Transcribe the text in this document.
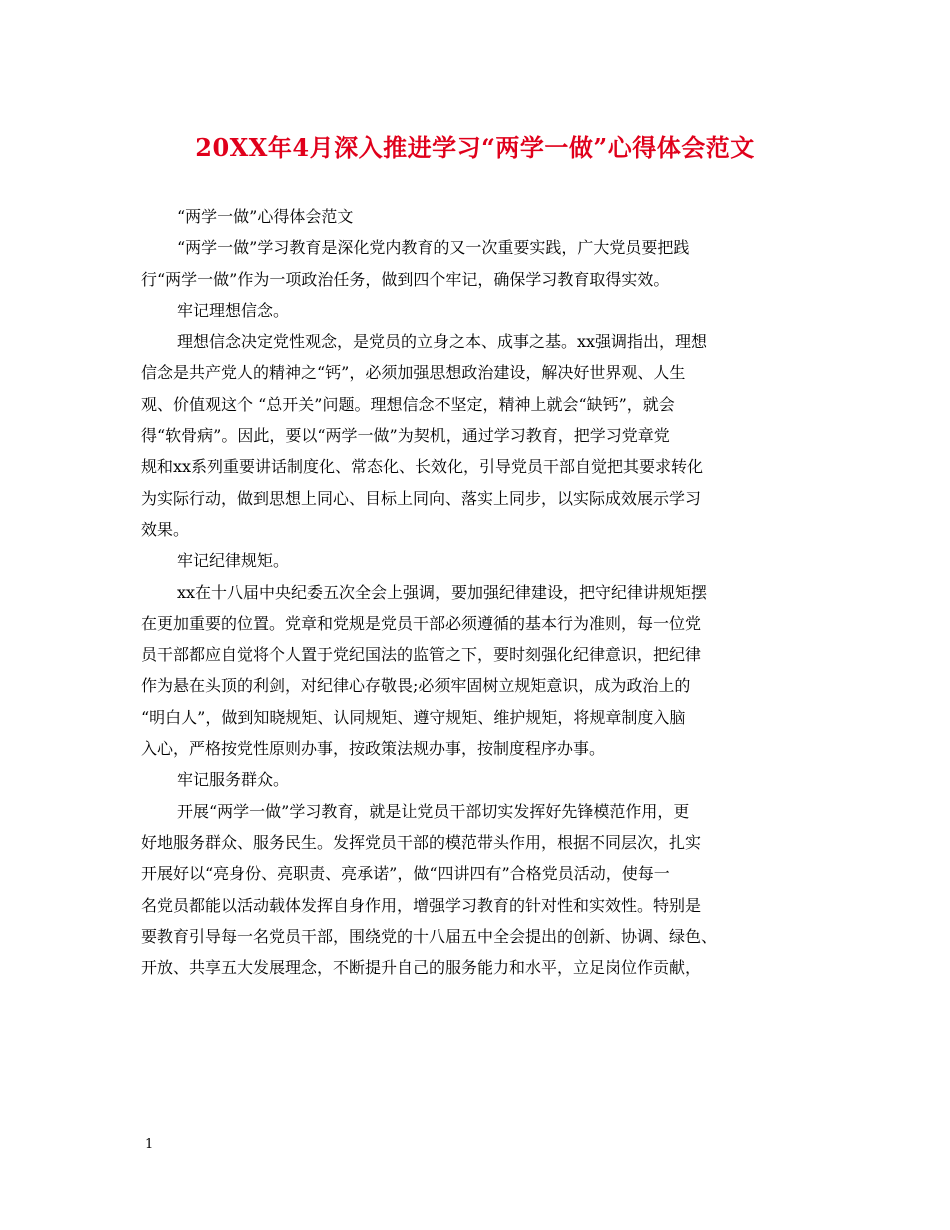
20XX年4月深入推进学习“两学一做”心得体会范文
“两学一做”心得体会范文
“两学一做”学习教育是深化党内教育的又一次重要实践，广大党员要把践
行“两学一做”作为一项政治任务，做到四个牢记，确保学习教育取得实效。
牢记理想信念。
理想信念决定党性观念，是党员的立身之本、成事之基。xx强调指出，理想
信念是共产党人的精神之“钙”，必须加强思想政治建设，解决好世界观、人生
观、价值观这个 “总开关”问题。理想信念不坚定，精神上就会“缺钙”，就会
得“软骨病”。因此，要以“两学一做”为契机，通过学习教育，把学习党章党
规和xx系列重要讲话制度化、常态化、长效化，引导党员干部自觉把其要求转化
为实际行动，做到思想上同心、目标上同向、落实上同步，以实际成效展示学习
效果。
牢记纪律规矩。
xx在十八届中央纪委五次全会上强调，要加强纪律建设，把守纪律讲规矩摆
在更加重要的位置。党章和党规是党员干部必须遵循的基本行为准则，每一位党
员干部都应自觉将个人置于党纪国法的监管之下，要时刻强化纪律意识，把纪律
作为悬在头顶的利剑，对纪律心存敬畏;必须牢固树立规矩意识，成为政治上的
“明白人”，做到知晓规矩、认同规矩、遵守规矩、维护规矩，将规章制度入脑
入心，严格按党性原则办事，按政策法规办事，按制度程序办事。
牢记服务群众。
开展“两学一做”学习教育，就是让党员干部切实发挥好先锋模范作用，更
好地服务群众、服务民生。发挥党员干部的模范带头作用，根据不同层次，扎实
开展好以“亮身份、亮职责、亮承诺”，做“四讲四有”合格党员活动，使每一
名党员都能以活动载体发挥自身作用，增强学习教育的针对性和实效性。特别是
要教育引导每一名党员干部，围绕党的十八届五中全会提出的创新、协调、绿色、
开放、共享五大发展理念，不断提升自己的服务能力和水平，立足岗位作贡献，
1
